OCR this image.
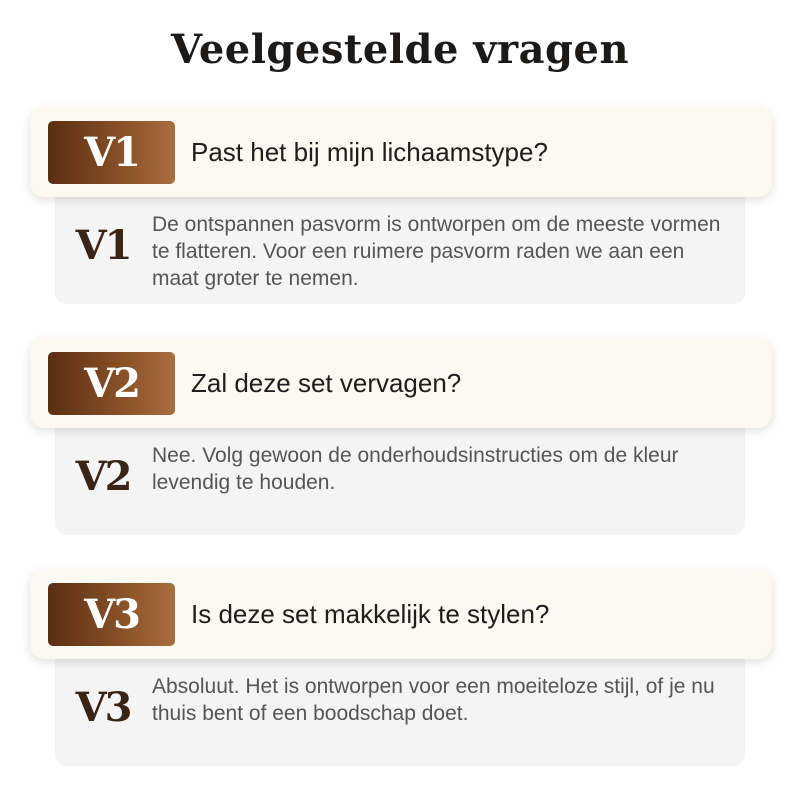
Veelgestelde vragen
V1 De ontspannen pasvorm is ontworpen om de meeste vormen te flatteren. Voor een ruimere pasvorm raden we aan een maat groter te nemen.
V1	Past het bij mijn lichaamstype?
V2 Nee. Volg gewoon de onderhoudsinstructies om de kleur levendig te houden.
V2	Zal deze set vervagen?
V3 Absoluut. Het is ontworpen voor een moeiteloze stijl, of je nu thuis bent of een boodschap doet.
V3	Is deze set makkelijk te stylen?
